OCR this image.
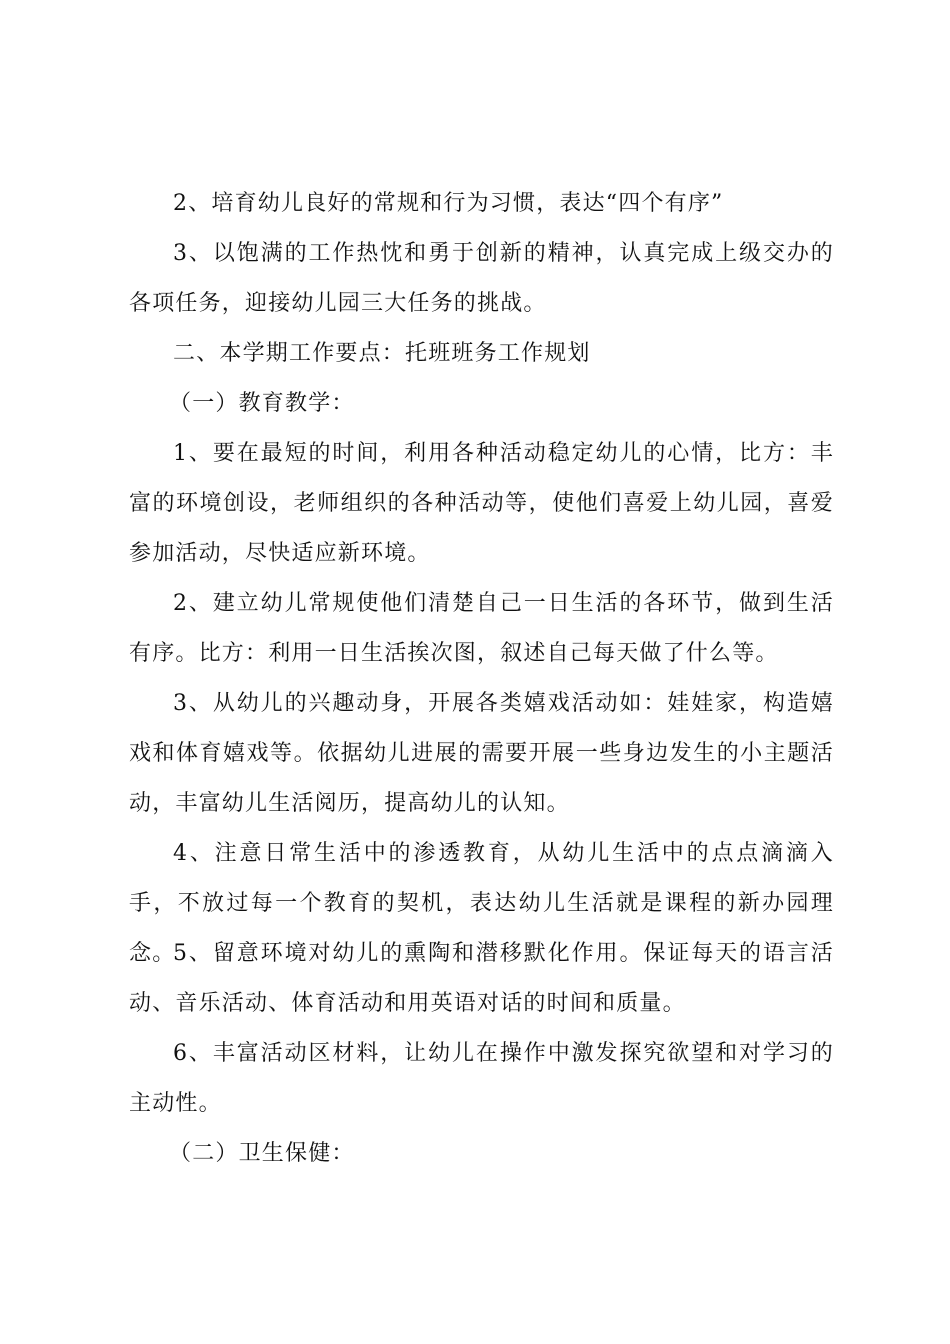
2、培育幼儿良好的常规和行为习惯，表达“四个有序”

3、以饱满的工作热忱和勇于创新的精神，认真完成上级交办的各项任务，迎接幼儿园三大任务的挑战。

二、本学期工作要点：托班班务工作规划

（一）教育教学：

1、要在最短的时间，利用各种活动稳定幼儿的心情，比方：丰富的环境创设，老师组织的各种活动等，使他们喜爱上幼儿园，喜爱参加活动，尽快适应新环境。

2、建立幼儿常规使他们清楚自己一日生活的各环节，做到生活有序。比方：利用一日生活挨次图，叙述自己每天做了什么等。

3、从幼儿的兴趣动身，开展各类嬉戏活动如：娃娃家，构造嬉戏和体育嬉戏等。依据幼儿进展的需要开展一些身边发生的小主题活动，丰富幼儿生活阅历，提高幼儿的认知。

4、注意日常生活中的渗透教育，从幼儿生活中的点点滴滴入手，不放过每一个教育的契机，表达幼儿生活就是课程的新办园理念。

5、留意环境对幼儿的熏陶和潜移默化作用。保证每天的语言活动、音乐活动、体育活动和用英语对话的时间和质量。

6、丰富活动区材料，让幼儿在操作中激发探究欲望和对学习的主动性。

（二）卫生保健：
